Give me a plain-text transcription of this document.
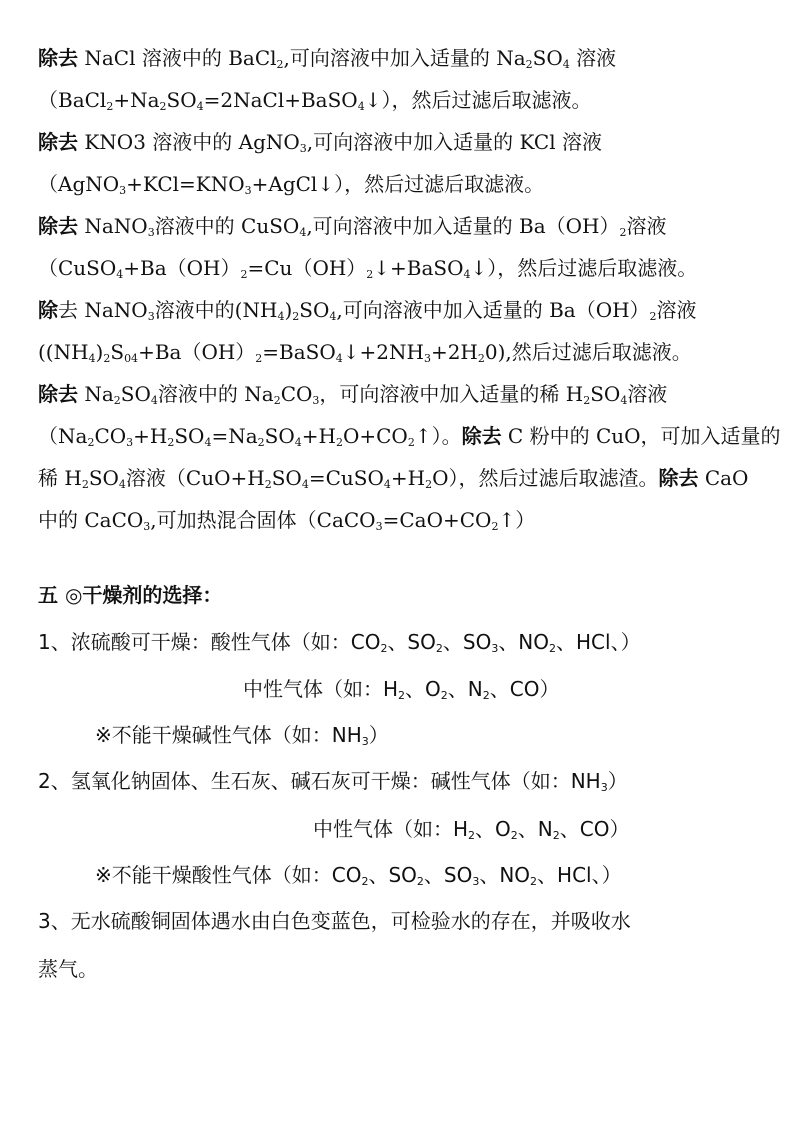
除去 NaCl 溶液中的 BaCl$_2$,可向溶液中加入适量的 $Na_2SO_4$ 溶液
$(BaCl_2+Na_2SO_4=2NaCl+BaSO_4↓)$，然后过滤后取滤液。
除去 KNO3 溶液中的 AgNO$_3$,可向溶液中加入适量的 KCl 溶液
$(AgNO_3+KCl=KNO_3+AgCl↓)$，然后过滤后取滤液。
除去 NaNO$_3$溶液中的 CuSO$_4$,可向溶液中加入适量的 $Ba(OH)_2$溶液
$(CuSO_4+Ba(OH)_2=Cu(OH)_2↓+BaSO_4↓)$，然后过滤后取滤液。
除去 NaNO$_3$溶液中的$(NH_4)_2SO_4$,可向溶液中加入适量的 $Ba(OH)_2$溶液
$((NH_4)_2S_{04}+Ba(OH)_2=BaSO_4↓+2NH_3+2H_20)$,然后过滤后取滤液。
除去 $Na_2SO_4$溶液中的 $Na_2CO_3$，可向溶液中加入适量的稀 $H_2SO_4$溶液
$(Na_2CO_3+H_2SO_4=Na_2SO_4+H_2O+CO_2↑)$。除去 C 粉中的 CuO，可加入适量的
稀 $H_2SO_4$溶液$(CuO+H_2SO_4=CuSO_4+H_2O)$，然后过滤后取滤渣。除去 CaO
中的 CaCO$_3$,可加热混合固体$(CaCO_3=CaO+CO_2↑)$
五 ◎干燥剂的选择：
1、浓硫酸可干燥：酸性气体（如：$CO_2$、$SO_2$、$SO_3$、$NO_2$、HCl、）
中性气体（如：$H_2$、$O_2$、$N_2$、CO）
※不能干燥碱性气体（如：$NH_3$）
2、氢氧化钠固体、生石灰、碱石灰可干燥：碱性气体（如：$NH_3$）
中性气体（如：$H_2$、$O_2$、$N_2$、CO）
※不能干燥酸性气体（如：$CO_2$、$SO_2$、$SO_3$、$NO_2$、HCl、）
3、无水硫酸铜固体遇水由白色变蓝色，可检验水的存在，并吸收水
蒸气。
